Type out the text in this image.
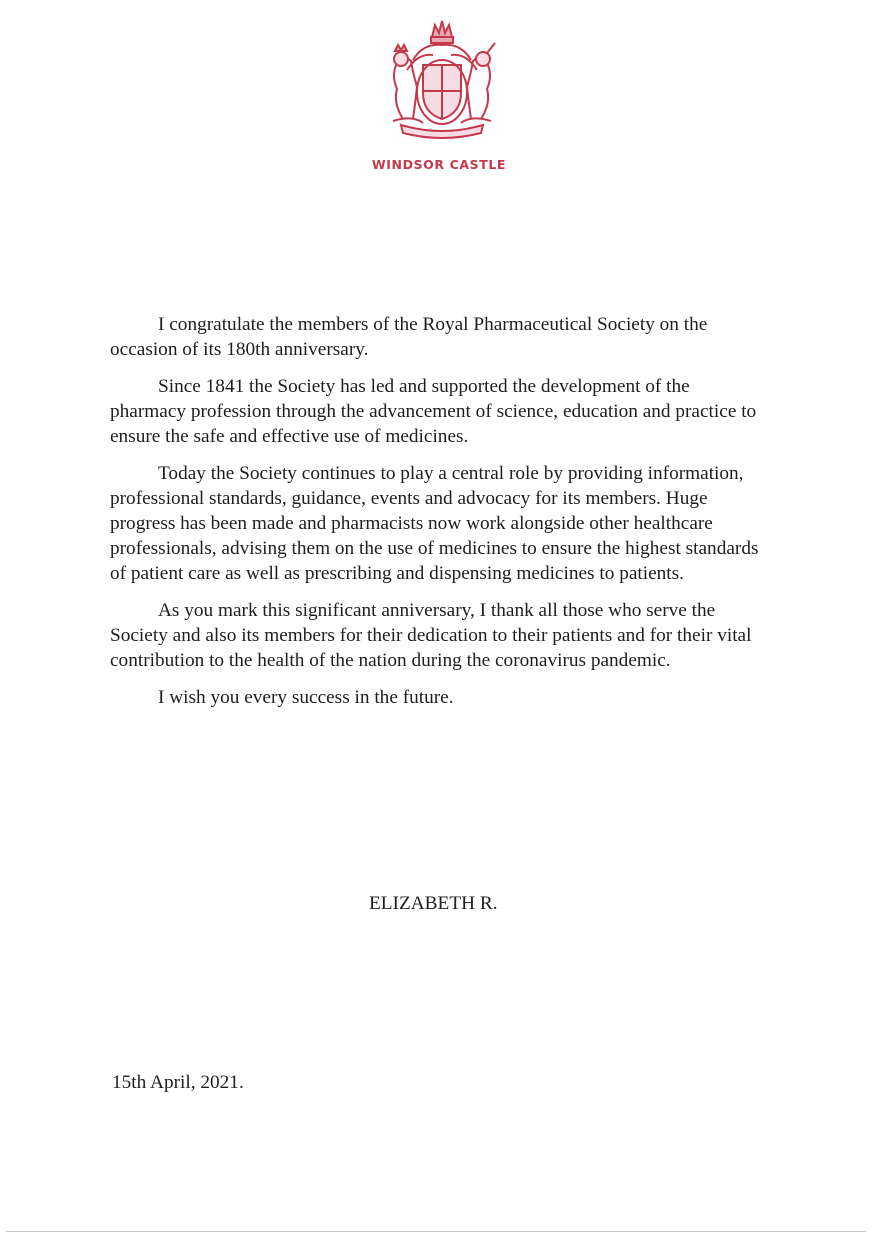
WINDSOR CASTLE

I congratulate the members of the Royal Pharmaceutical Society on the occasion of its 180th anniversary.

Since 1841 the Society has led and supported the development of the pharmacy profession through the advancement of science, education and practice to ensure the safe and effective use of medicines.

Today the Society continues to play a central role by providing information, professional standards, guidance, events and advocacy for its members. Huge progress has been made and pharmacists now work alongside other healthcare professionals, advising them on the use of medicines to ensure the highest standards of patient care as well as prescribing and dispensing medicines to patients.

As you mark this significant anniversary, I thank all those who serve the Society and also its members for their dedication to their patients and for their vital contribution to the health of the nation during the coronavirus pandemic.

I wish you every success in the future.

ELIZABETH R.
15th April, 2021.
